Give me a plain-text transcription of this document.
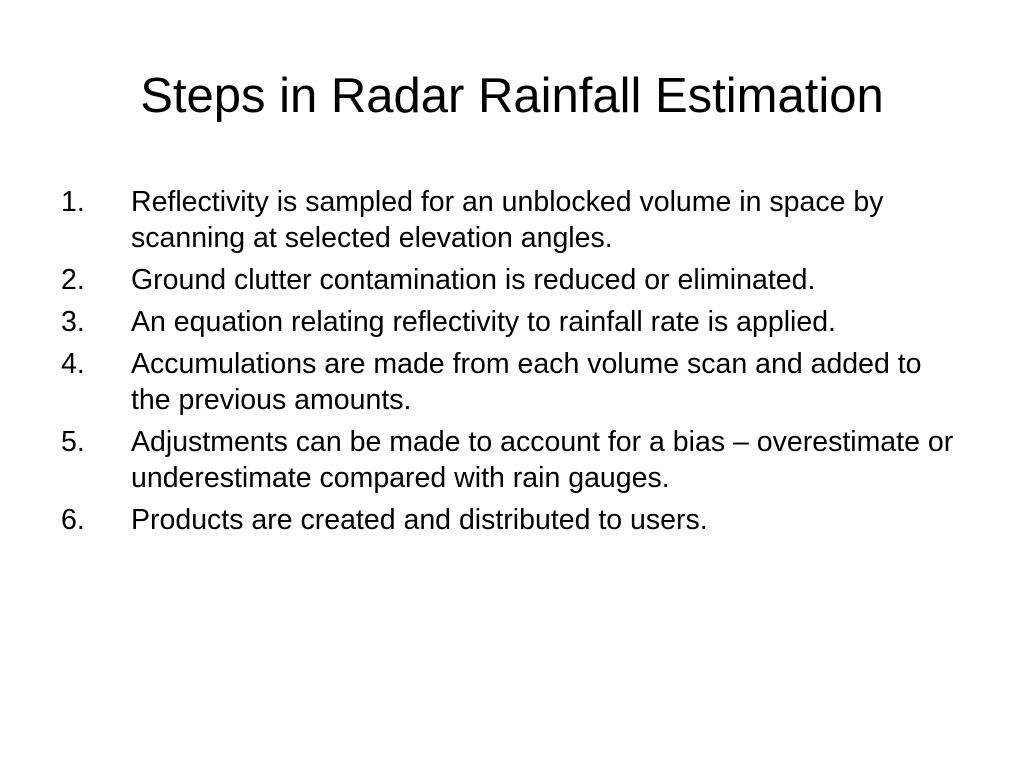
Steps in Radar Rainfall Estimation
1.	Reflectivity is sampled for an unblocked volume in space by scanning at selected elevation angles.
2.	Ground clutter contamination is reduced or eliminated.
3.	An equation relating reflectivity to rainfall rate is applied.
4.	Accumulations are made from each volume scan and added to the previous amounts.
5.	Adjustments can be made to account for a bias – overestimate or underestimate compared with rain gauges.
6.	Products are created and distributed to users.
